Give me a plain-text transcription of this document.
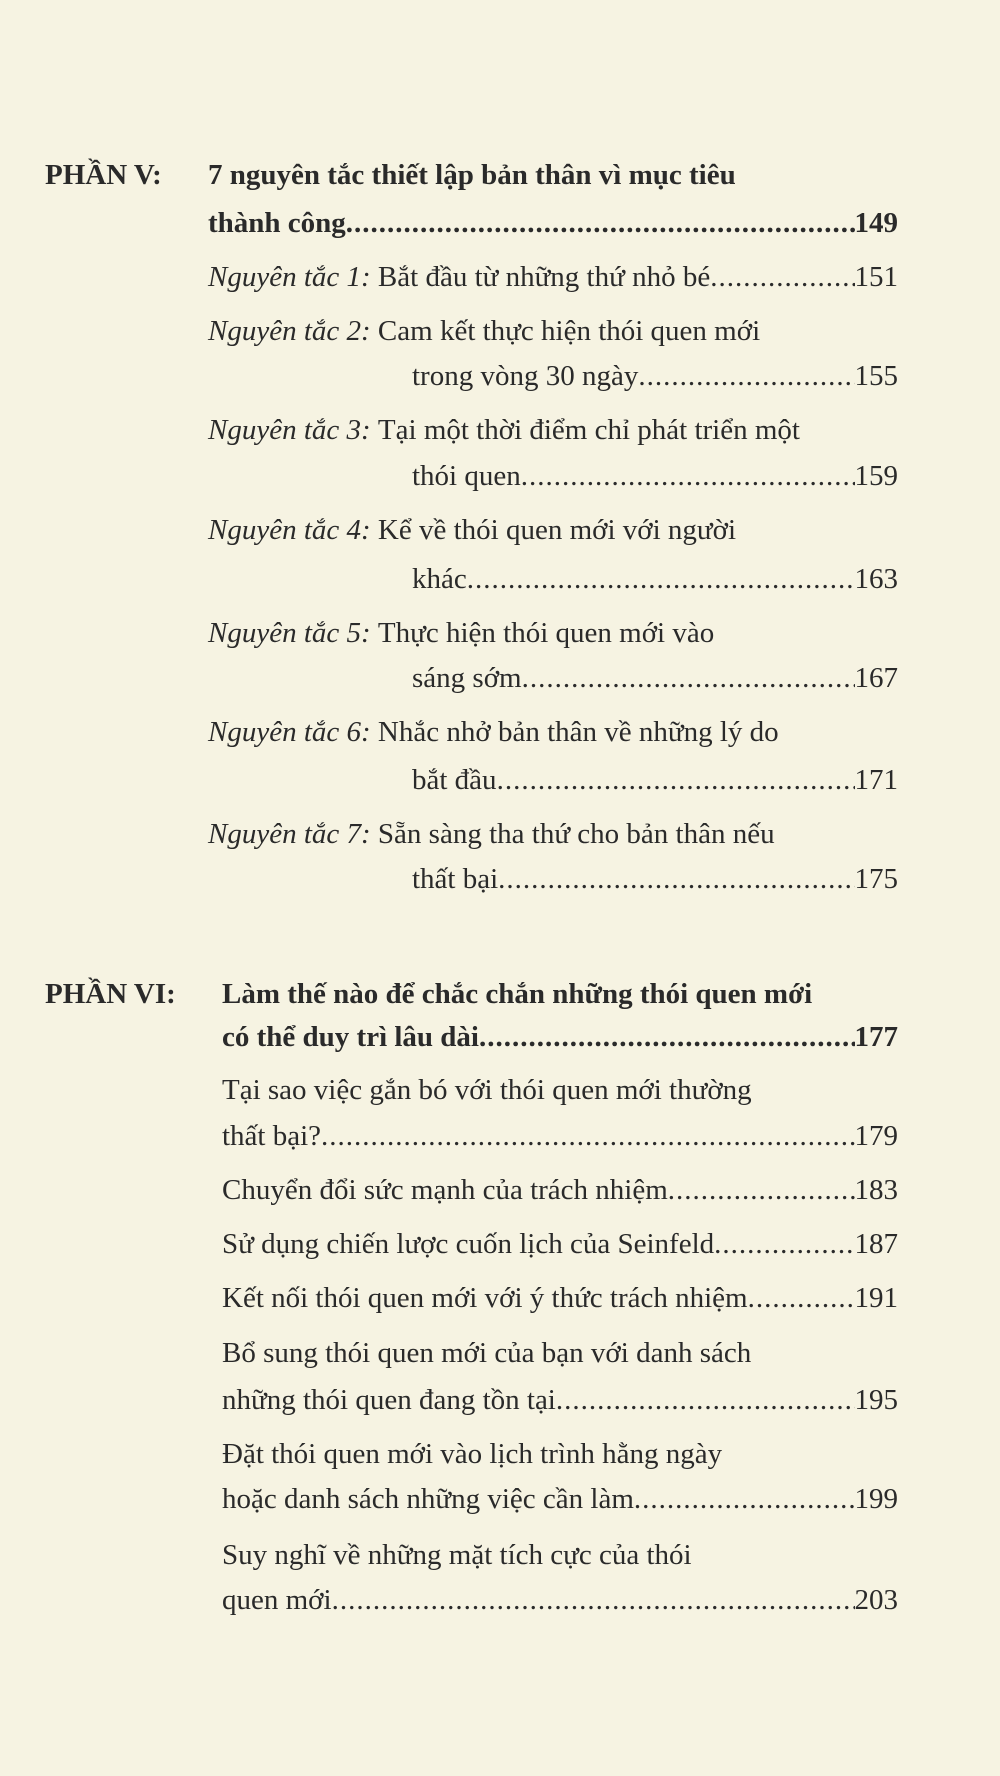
PHẦN V: 7 nguyên tắc thiết lập bản thân vì mục tiêu
thành công .....	149
Nguyên tắc 1:
Bắt đầu từ những thứ nhỏ bé .....	151
Nguyên tắc 2:
Cam kết thực hiện thói quen mới
trong vòng 30 ngày .....	155
Nguyên tắc 3:
Tại một thời điểm chỉ phát triển một
thói quen .....	159
Nguyên tắc 4:
Kể về thói quen mới với người
khác .....	163
Nguyên tắc 5:
Thực hiện thói quen mới vào
sáng sớm .....	167
Nguyên tắc 6:
Nhắc nhở bản thân về những lý do
bắt đầu .....	171
Nguyên tắc 7:
Sẵn sàng tha thứ cho bản thân nếu
thất bại .....	175
PHẦN VI: Làm thế nào để chắc chắn những thói quen mới
có thể duy trì lâu dài .....	177
Tại sao việc gắn bó với thói quen mới thường
thất bại? .....	179
Chuyển đổi sức mạnh của trách nhiệm .....	183
Sử dụng chiến lược cuốn lịch của Seinfeld .....	187
Kết nối thói quen mới với ý thức trách nhiệm .....	191
Bổ sung thói quen mới của bạn với danh sách
những thói quen đang tồn tại .....	195
Đặt thói quen mới vào lịch trình hằng ngày
hoặc danh sách những việc cần làm .....	199
Suy nghĩ về những mặt tích cực của thói
quen mới .....	203
